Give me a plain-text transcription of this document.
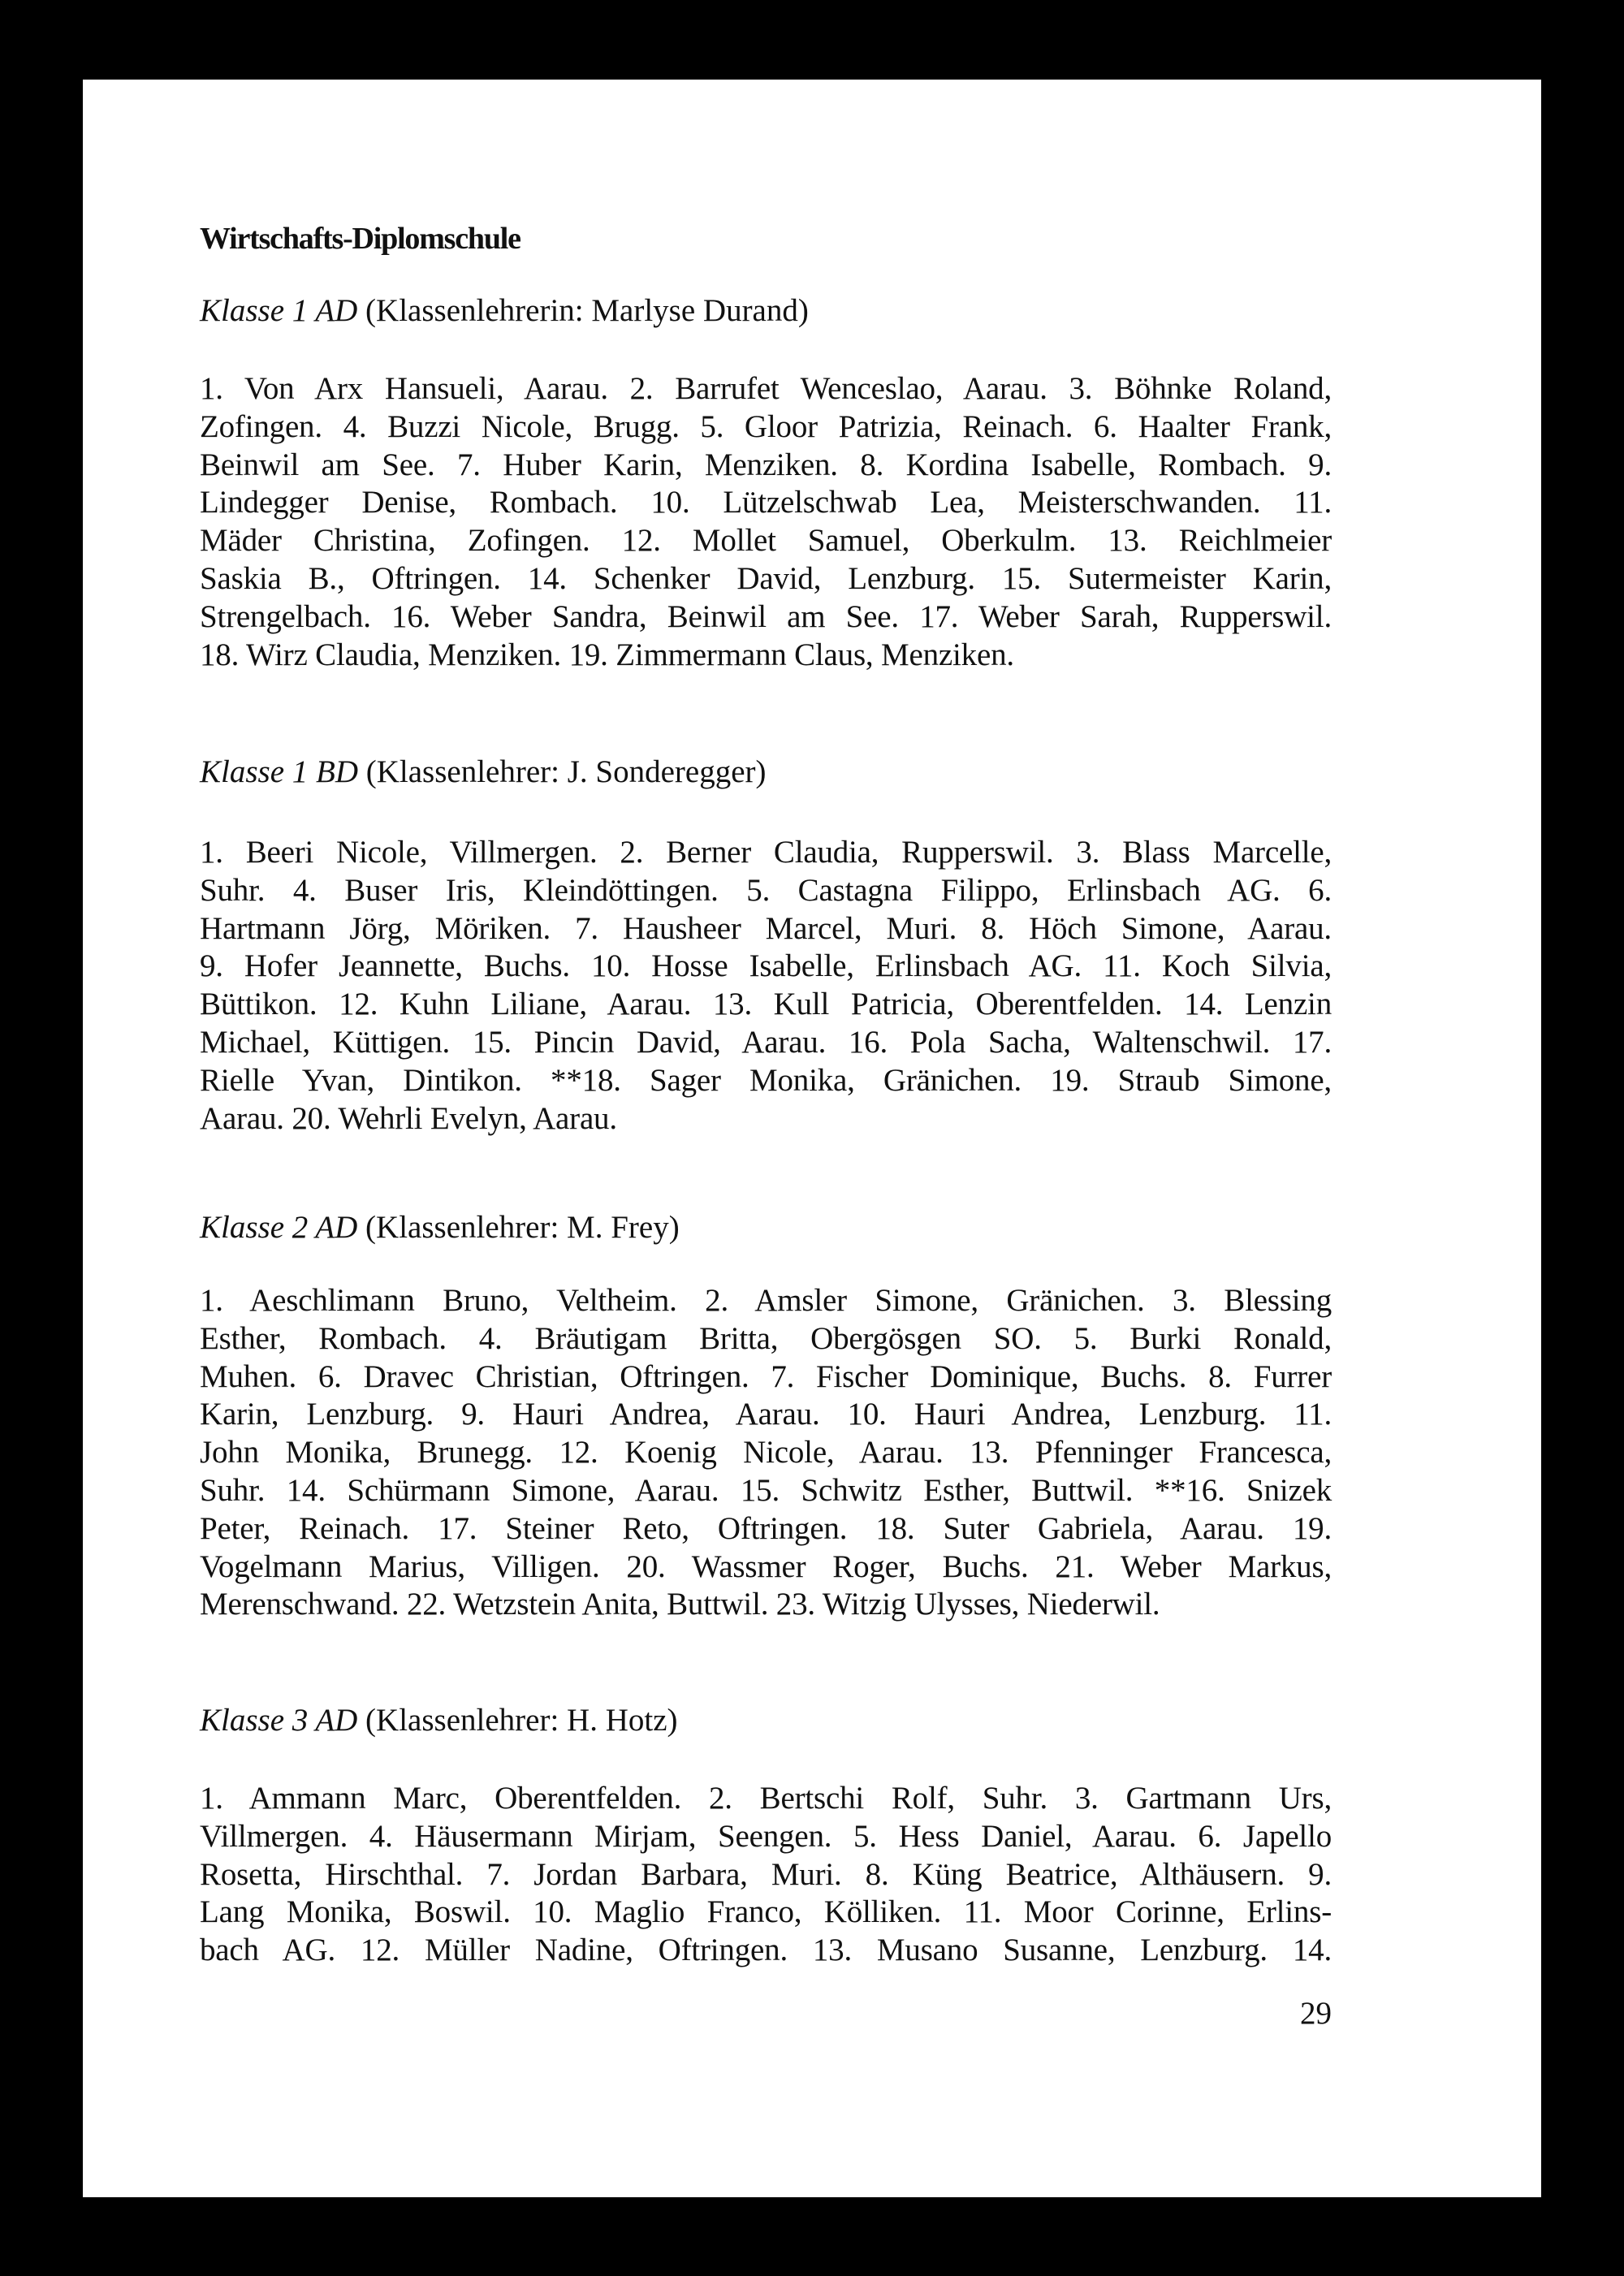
Wirtschafts-Diplomschule
Klasse 1 AD (Klassenlehrerin: Marlyse Durand)
1. Von Arx Hansueli, Aarau. 2. Barrufet Wenceslao, Aarau. 3. Böhnke Roland,
Zofingen. 4. Buzzi Nicole, Brugg. 5. Gloor Patrizia, Reinach. 6. Haalter Frank,
Beinwil am See. 7. Huber Karin, Menziken. 8. Kordina Isabelle, Rombach. 9.
Lindegger Denise, Rombach. 10. Lützelschwab Lea, Meisterschwanden. 11.
Mäder Christina, Zofingen. 12. Mollet Samuel, Oberkulm. 13. Reichlmeier
Saskia B., Oftringen. 14. Schenker David, Lenzburg. 15. Sutermeister Karin,
Strengelbach. 16. Weber Sandra, Beinwil am See. 17. Weber Sarah, Rupperswil.
18. Wirz Claudia, Menziken. 19. Zimmermann Claus, Menziken.
Klasse 1 BD (Klassenlehrer: J. Sonderegger)
1. Beeri Nicole, Villmergen. 2. Berner Claudia, Rupperswil. 3. Blass Marcelle,
Suhr. 4. Buser Iris, Kleindöttingen. 5. Castagna Filippo, Erlinsbach AG. 6.
Hartmann Jörg, Möriken. 7. Hausheer Marcel, Muri. 8. Höch Simone, Aarau.
9. Hofer Jeannette, Buchs. 10. Hosse Isabelle, Erlinsbach AG. 11. Koch Silvia,
Büttikon. 12. Kuhn Liliane, Aarau. 13. Kull Patricia, Oberentfelden. 14. Lenzin
Michael, Küttigen. 15. Pincin David, Aarau. 16. Pola Sacha, Waltenschwil. 17.
Rielle Yvan, Dintikon. **18. Sager Monika, Gränichen. 19. Straub Simone,
Aarau. 20. Wehrli Evelyn, Aarau.
Klasse 2 AD (Klassenlehrer: M. Frey)
1. Aeschlimann Bruno, Veltheim. 2. Amsler Simone, Gränichen. 3. Blessing
Esther, Rombach. 4. Bräutigam Britta, Obergösgen SO. 5. Burki Ronald,
Muhen. 6. Dravec Christian, Oftringen. 7. Fischer Dominique, Buchs. 8. Furrer
Karin, Lenzburg. 9. Hauri Andrea, Aarau. 10. Hauri Andrea, Lenzburg. 11.
John Monika, Brunegg. 12. Koenig Nicole, Aarau. 13. Pfenninger Francesca,
Suhr. 14. Schürmann Simone, Aarau. 15. Schwitz Esther, Buttwil. **16. Snizek
Peter, Reinach. 17. Steiner Reto, Oftringen. 18. Suter Gabriela, Aarau. 19.
Vogelmann Marius, Villigen. 20. Wassmer Roger, Buchs. 21. Weber Markus,
Merenschwand. 22. Wetzstein Anita, Buttwil. 23. Witzig Ulysses, Niederwil.
Klasse 3 AD (Klassenlehrer: H. Hotz)
1. Ammann Marc, Oberentfelden. 2. Bertschi Rolf, Suhr. 3. Gartmann Urs,
Villmergen. 4. Häusermann Mirjam, Seengen. 5. Hess Daniel, Aarau. 6. Japello
Rosetta, Hirschthal. 7. Jordan Barbara, Muri. 8. Küng Beatrice, Althäusern. 9.
Lang Monika, Boswil. 10. Maglio Franco, Kölliken. 11. Moor Corinne, Erlins-
bach AG. 12. Müller Nadine, Oftringen. 13. Musano Susanne, Lenzburg. 14.
29
